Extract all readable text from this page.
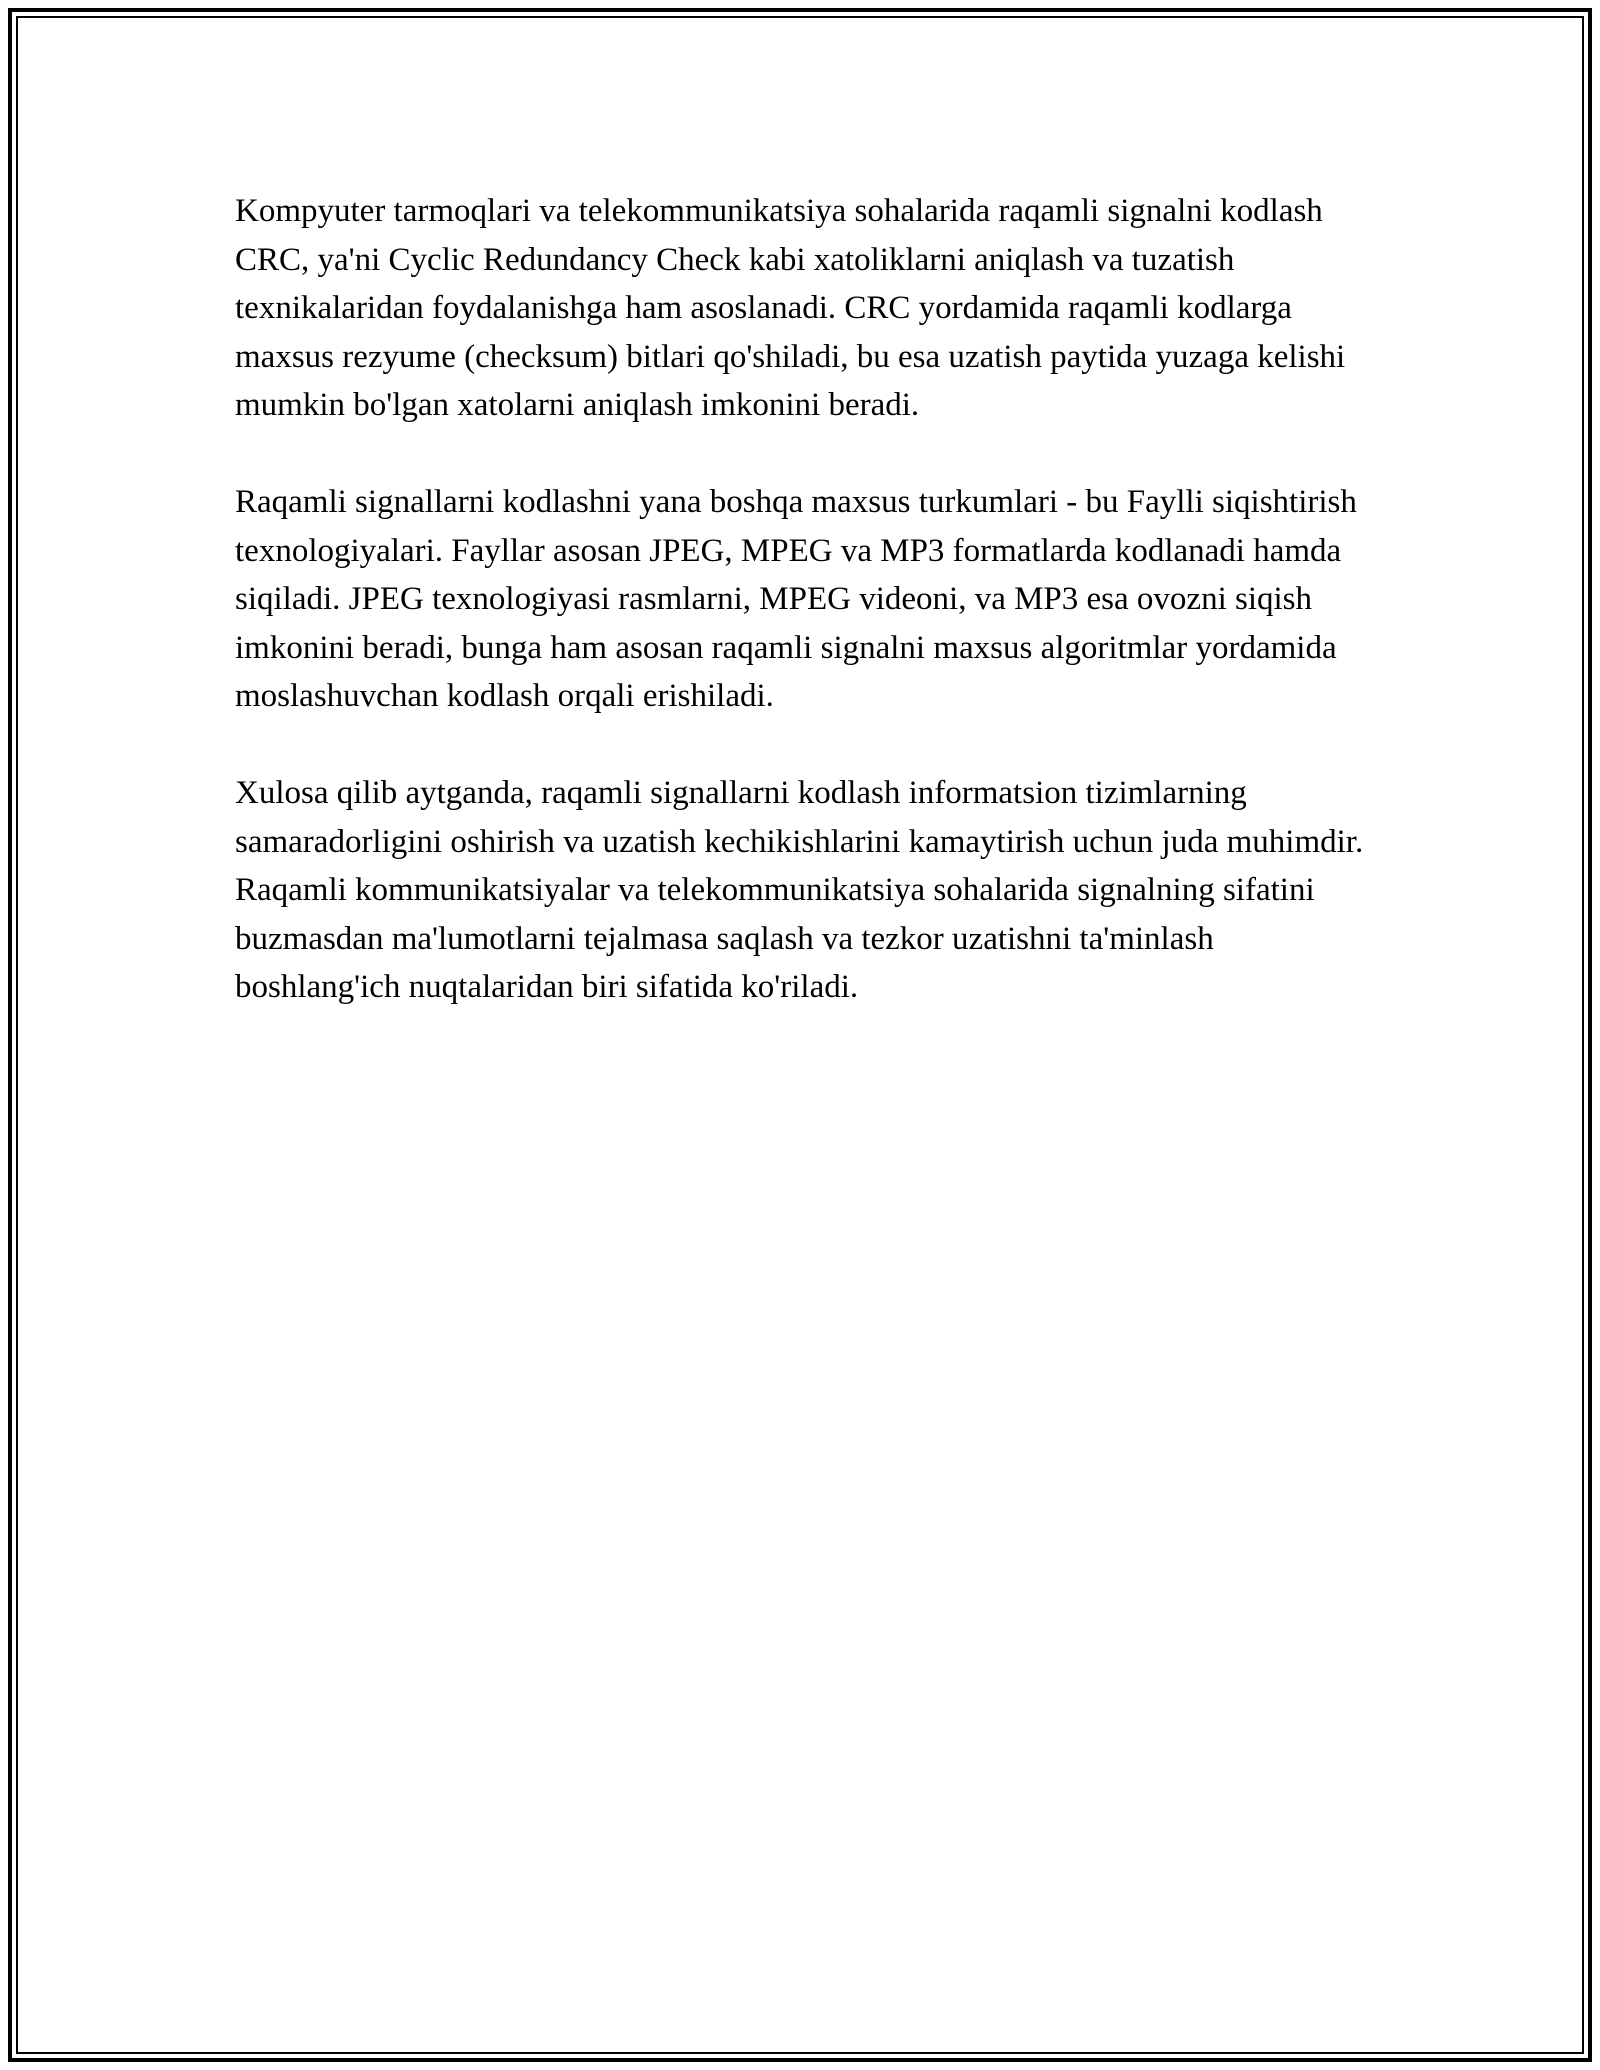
Kompyuter tarmoqlari va telekommunikatsiya sohalarida raqamli signalni kodlash CRC, ya'ni Cyclic Redundancy Check kabi xatoliklarni aniqlash va tuzatish texnikalaridan foydalanishga ham asoslanadi. CRC yordamida raqamli kodlarga maxsus rezyume (checksum) bitlari qo'shiladi, bu esa uzatish paytida yuzaga kelishi mumkin bo'lgan xatolarni aniqlash imkonini beradi.

Raqamli signallarni kodlashni yana boshqa maxsus turkumlari - bu Faylli siqishtirish texnologiyalari. Fayllar asosan JPEG, MPEG va MP3 formatlarda kodlanadi hamda siqiladi. JPEG texnologiyasi rasmlarni, MPEG videoni, va MP3 esa ovozni siqish imkonini beradi, bunga ham asosan raqamli signalni maxsus algoritmlar yordamida moslashuvchan kodlash orqali erishiladi.

Xulosa qilib aytganda, raqamli signallarni kodlash informatsion tizimlarning samaradorligini oshirish va uzatish kechikishlarini kamaytirish uchun juda muhimdir. Raqamli kommunikatsiyalar va telekommunikatsiya sohalarida signalning sifatini buzmasdan ma'lumotlarni tejalmasa saqlash va tezkor uzatishni ta'minlash boshlang'ich nuqtalaridan biri sifatida ko'riladi.
